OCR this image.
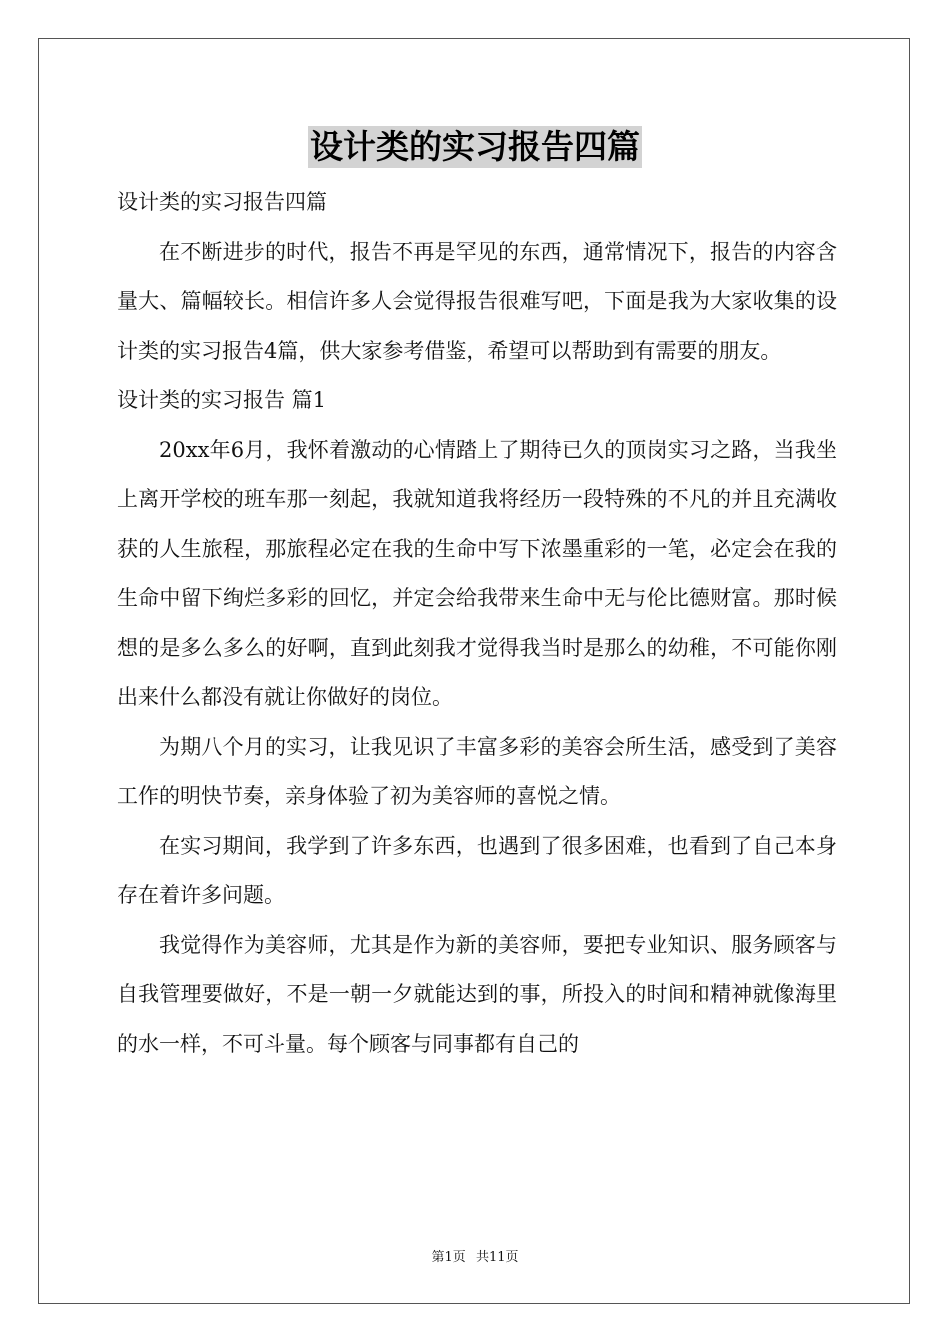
设计类的实习报告四篇

设计类的实习报告四篇

在不断进步的时代，报告不再是罕见的东西，通常情况下，报告的内容含量大、篇幅较长。相信许多人会觉得报告很难写吧，下面是我为大家收集的设计类的实习报告4篇，供大家参考借鉴，希望可以帮助到有需要的朋友。

设计类的实习报告 篇1

20xx年6月，我怀着激动的心情踏上了期待已久的顶岗实习之路，当我坐上离开学校的班车那一刻起，我就知道我将经历一段特殊的不凡的并且充满收获的人生旅程，那旅程必定在我的生命中写下浓墨重彩的一笔，必定会在我的生命中留下绚烂多彩的回忆，并定会给我带来生命中无与伦比德财富。那时候想的是多么多么的好啊，直到此刻我才觉得我当时是那么的幼稚，不可能你刚出来什么都没有就让你做好的岗位。

为期八个月的实习，让我见识了丰富多彩的美容会所生活，感受到了美容工作的明快节奏，亲身体验了初为美容师的喜悦之情。

在实习期间，我学到了许多东西，也遇到了很多困难，也看到了自己本身存在着许多问题。

我觉得作为美容师，尤其是作为新的美容师，要把专业知识、服务顾客与自我管理要做好，不是一朝一夕就能达到的事，所投入的时间和精神就像海里的水一样，不可斗量。每个顾客与同事都有自己的

第1页 共11页
